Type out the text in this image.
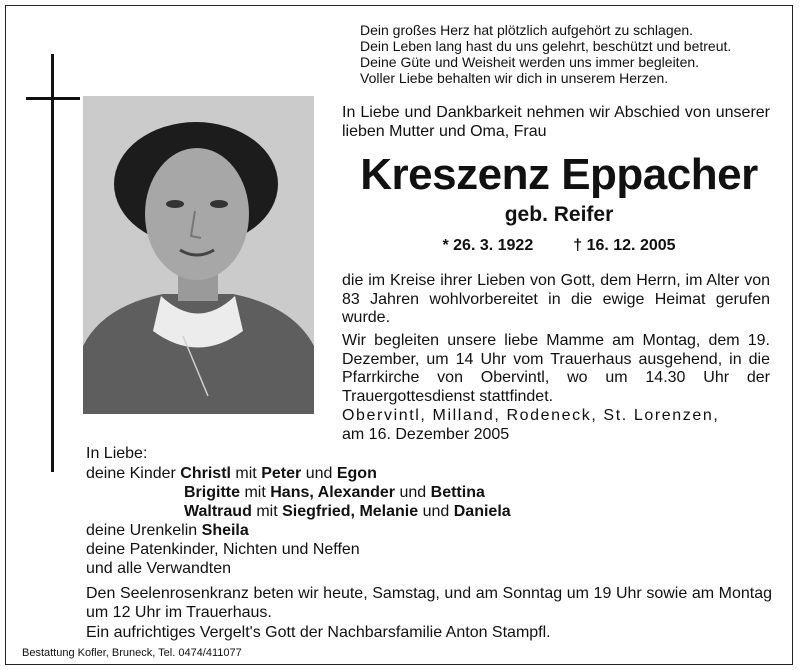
Dein großes Herz hat plötzlich aufgehört zu schlagen.
Dein Leben lang hast du uns gelehrt, beschützt und betreut.
Deine Güte und Weisheit werden uns immer begleiten.
Voller Liebe behalten wir dich in unserem Herzen.
In Liebe und Dankbarkeit nehmen wir Abschied von unserer lieben Mutter und Oma, Frau
Kreszenz Eppacher
geb. Reifer
* 26. 3. 1922	† 16. 12. 2005
die im Kreise ihrer Lieben von Gott, dem Herrn, im Alter von 83 Jahren wohlvorbereitet in die ewige Heimat gerufen wurde.
Wir begleiten unsere liebe Mamme am Montag, dem 19. Dezember, um 14 Uhr vom Trauerhaus ausgehend, in die Pfarrkirche von Obervintl, wo um 14.30 Uhr der Trauergottesdienst stattfindet.
Obervintl, Milland, Rodeneck, St. Lorenzen,
am 16. Dezember 2005
In Liebe:
deine Kinder Christl mit Peter und Egon
Brigitte mit Hans, Alexander und Bettina
Waltraud mit Siegfried, Melanie und Daniela
deine Urenkelin Sheila
deine Patenkinder, Nichten und Neffen
und alle Verwandten
Den Seelenrosenkranz beten wir heute, Samstag, und am Sonntag um 19 Uhr sowie am Montag um 12 Uhr im Trauerhaus.
Ein aufrichtiges Vergelt's Gott der Nachbarsfamilie Anton Stampfl.
Bestattung Kofler, Bruneck, Tel. 0474/411077
